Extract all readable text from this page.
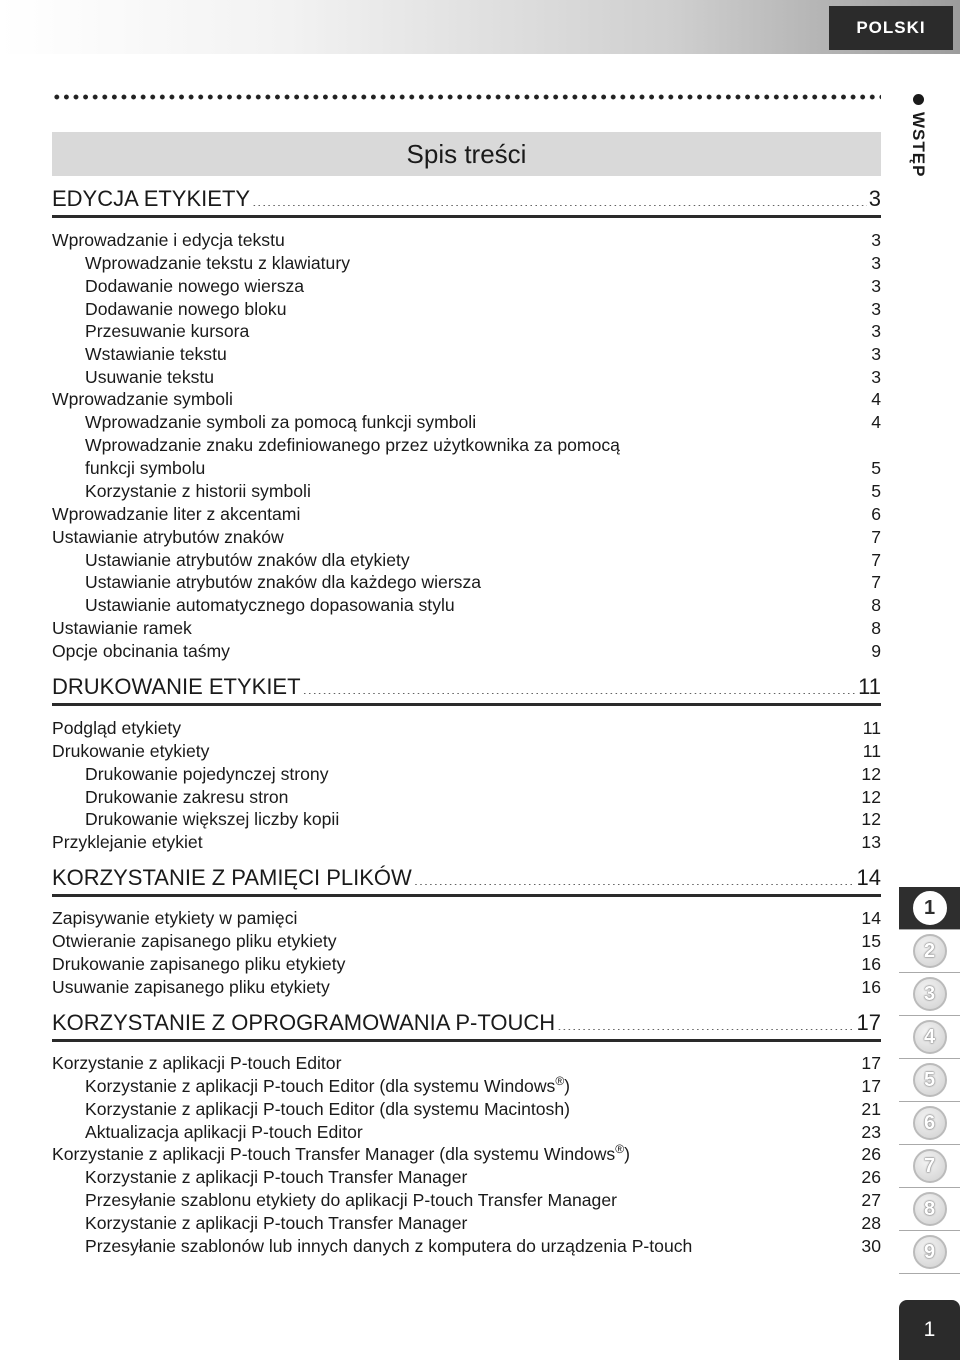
POLSKI
WSTĘP
Spis treści
EDYCJA ETYKIETY .....	3
Wprowadzanie i edycja tekstu .....	3
Wprowadzanie tekstu z klawiatury .....	3
Dodawanie nowego wiersza .....	3
Dodawanie nowego bloku .....	3
Przesuwanie kursora .....	3
Wstawianie tekstu .....	3
Usuwanie tekstu .....	3
Wprowadzanie symboli .....	4
Wprowadzanie symboli za pomocą funkcji symboli .....	4
Wprowadzanie znaku zdefiniowanego przez użytkownika za pomocą
funkcji symbolu .....	5
Korzystanie z historii symboli .....	5
Wprowadzanie liter z akcentami .....	6
Ustawianie atrybutów znaków .....	7
Ustawianie atrybutów znaków dla etykiety .....	7
Ustawianie atrybutów znaków dla każdego wiersza .....	7
Ustawianie automatycznego dopasowania stylu .....	8
Ustawianie ramek .....	8
Opcje obcinania taśmy .....	9
DRUKOWANIE ETYKIET .....	11
Podgląd etykiety .....	11
Drukowanie etykiety .....	11
Drukowanie pojedynczej strony .....	12
Drukowanie zakresu stron .....	12
Drukowanie większej liczby kopii .....	12
Przyklejanie etykiet .....	13
KORZYSTANIE Z PAMIĘCI PLIKÓW .....	14
Zapisywanie etykiety w pamięci .....	14
Otwieranie zapisanego pliku etykiety .....	15
Drukowanie zapisanego pliku etykiety .....	16
Usuwanie zapisanego pliku etykiety .....	16
KORZYSTANIE Z OPROGRAMOWANIA P-TOUCH .....	17
Korzystanie z aplikacji P-touch Editor .....	17
Korzystanie z aplikacji P-touch Editor (dla systemu Windows®) .....	17
Korzystanie z aplikacji P-touch Editor (dla systemu Macintosh) .....	21
Aktualizacja aplikacji P-touch Editor .....	23
Korzystanie z aplikacji P-touch Transfer Manager (dla systemu Windows®) .....	26
Korzystanie z aplikacji P-touch Transfer Manager .....	26
Przesyłanie szablonu etykiety do aplikacji P-touch Transfer Manager .....	27
Korzystanie z aplikacji P-touch Transfer Manager .....	28
Przesyłanie szablonów lub innych danych z komputera do urządzenia P-touch .....	30
1
2
3
4
5
6
7
8
9
1
